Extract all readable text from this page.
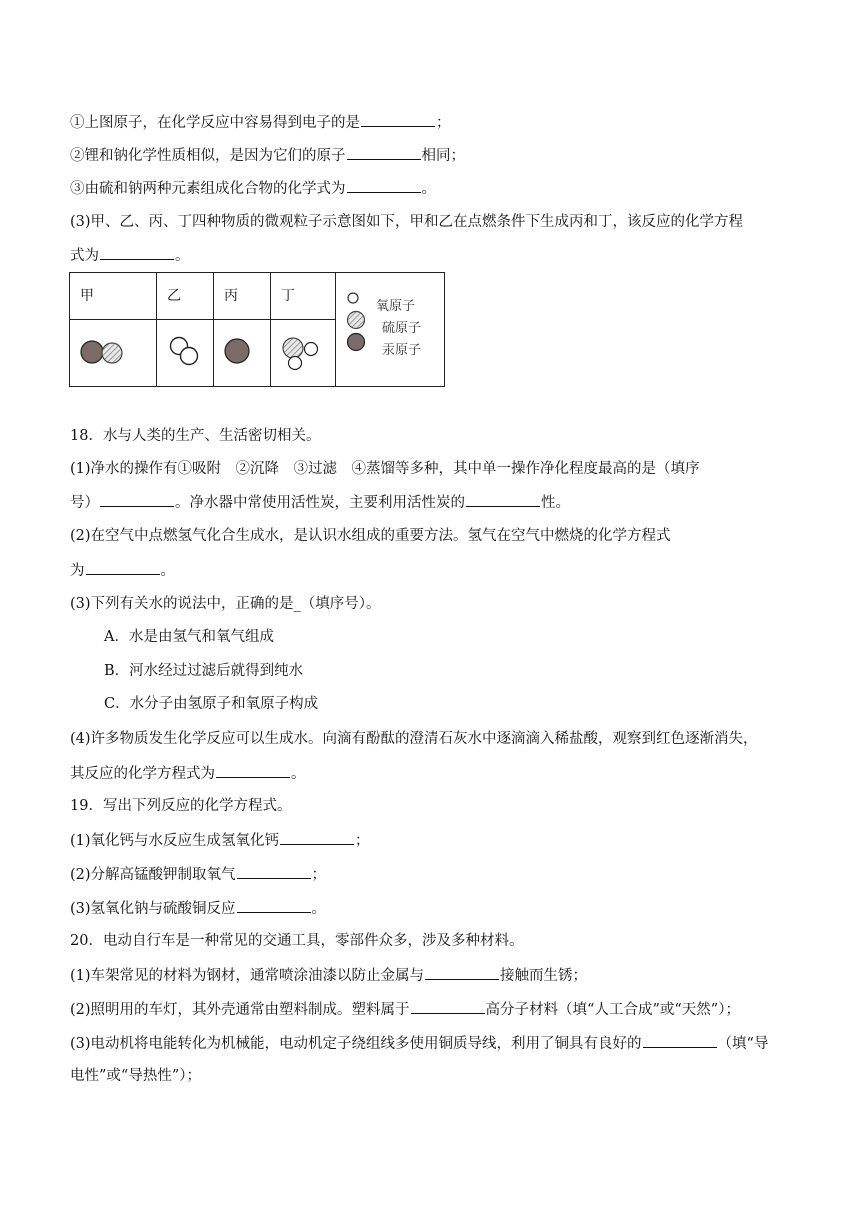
①上图原子，在化学反应中容易得到电子的是	；
②锂和钠化学性质相似，是因为它们的原子	相同；
③由硫和钠两种元素组成化合物的化学式为	。
(3)甲、乙、丙、丁四种物质的微观粒子示意图如下，甲和乙在点燃条件下生成丙和丁，该反应的化学方程
式为	。
甲	乙	丙	丁	氧原子
硫原子
汞原子

18．水与人类的生产、生活密切相关。
(1)净水的操作有①吸附　②沉降　③过滤　④蒸馏等多种，其中单一操作净化程度最高的是（填序
号）	。净水器中常使用活性炭，主要利用活性炭的	性。
(2)在空气中点燃氢气化合生成水，是认识水组成的重要方法。氢气在空气中燃烧的化学方程式
为	。
(3)下列有关水的说法中，正确的是_（填序号）。
A．水是由氢气和氧气组成
B．河水经过过滤后就得到纯水
C．水分子由氢原子和氧原子构成
(4)许多物质发生化学反应可以生成水。向滴有酚酞的澄清石灰水中逐滴滴入稀盐酸，观察到红色逐渐消失，
其反应的化学方程式为	。
19．写出下列反应的化学方程式。
(1)氧化钙与水反应生成氢氧化钙	；
(2)分解高锰酸钾制取氧气	；
(3)氢氧化钠与硫酸铜反应	。
20．电动自行车是一种常见的交通工具，零部件众多，涉及多种材料。
(1)车架常见的材料为钢材，通常喷涂油漆以防止金属与	接触而生锈；
(2)照明用的车灯，其外壳通常由塑料制成。塑料属于	高分子材料（填“人工合成”或“天然”）；
(3)电动机将电能转化为机械能，电动机定子绕组线多使用铜质导线，利用了铜具有良好的	（填“导
电性”或“导热性”）；
